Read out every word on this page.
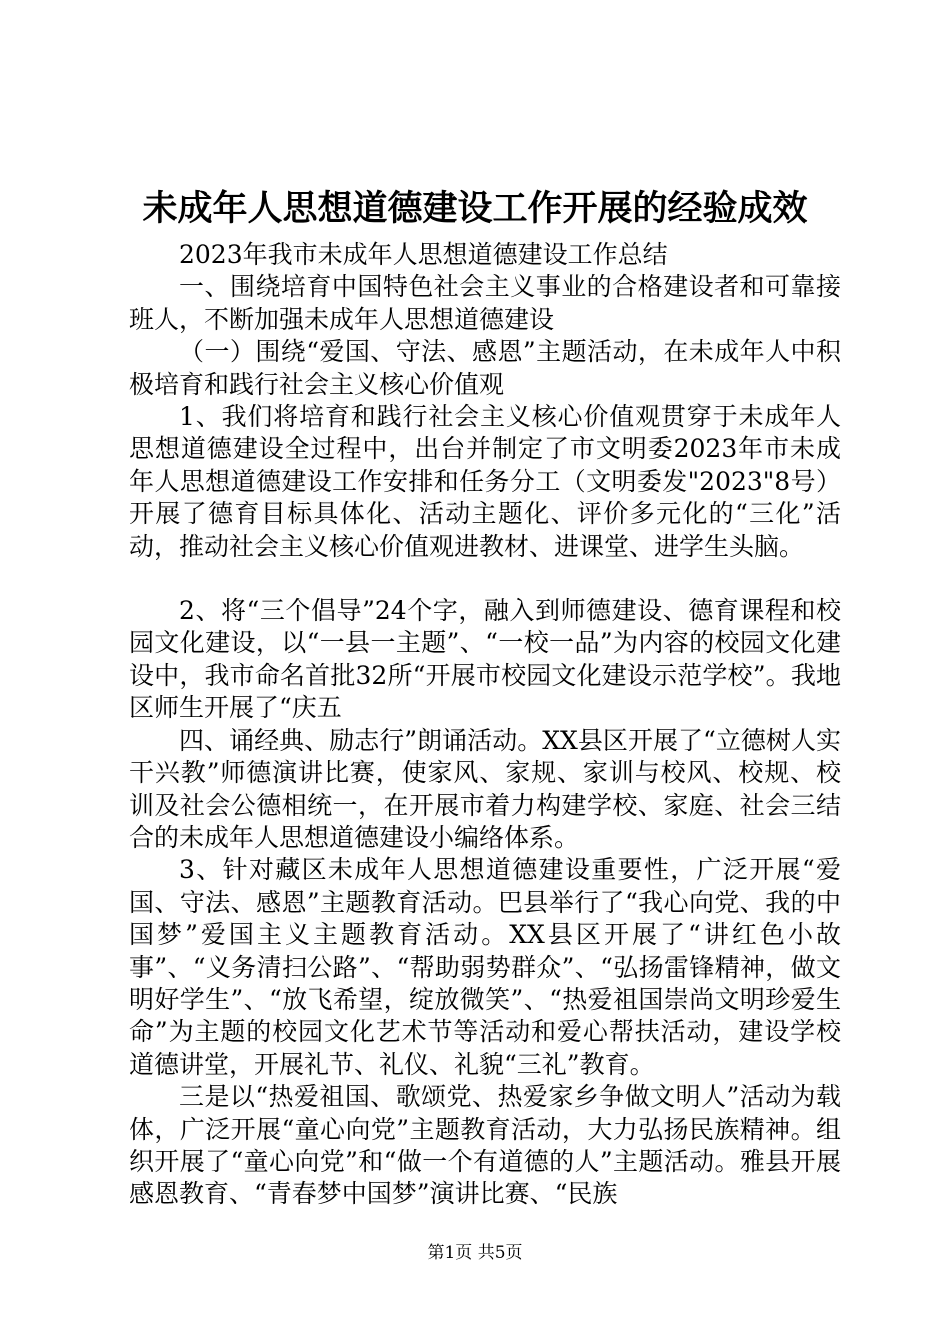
未成年人思想道德建设工作开展的经验成效

2023年我市未成年人思想道德建设工作总结

一、围绕培育中国特色社会主义事业的合格建设者和可靠接班人，不断加强未成年人思想道德建设

（一）围绕“爱国、守法、感恩”主题活动，在未成年人中积极培育和践行社会主义核心价值观

1、我们将培育和践行社会主义核心价值观贯穿于未成年人思想道德建设全过程中，出台并制定了市文明委2023年市未成年人思想道德建设工作安排和任务分工（文明委发"2023"8号）开展了德育目标具体化、活动主题化、评价多元化的“三化”活动，推动社会主义核心价值观进教材、进课堂、进学生头脑。

2、将“三个倡导”24个字，融入到师德建设、德育课程和校园文化建设，以“一县一主题”、“一校一品”为内容的校园文化建设中，我市命名首批32所“开展市校园文化建设示范学校”。我地区师生开展了“庆五

四、诵经典、励志行”朗诵活动。XX县区开展了“立德树人实干兴教”师德演讲比赛，使家风、家规、家训与校风、校规、校训及社会公德相统一，在开展市着力构建学校、家庭、社会三结合的未成年人思想道德建设小编络体系。

3、针对藏区未成年人思想道德建设重要性，广泛开展“爱国、守法、感恩”主题教育活动。巴县举行了“我心向党、我的中国梦”爱国主义主题教育活动。XX县区开展了“讲红色小故事”、“义务清扫公路”、“帮助弱势群众”、“弘扬雷锋精神，做文明好学生”、“放飞希望，绽放微笑”、“热爱祖国崇尚文明珍爱生命”为主题的校园文化艺术节等活动和爱心帮扶活动，建设学校道德讲堂，开展礼节、礼仪、礼貌“三礼”教育。

三是以“热爱祖国、歌颂党、热爱家乡争做文明人”活动为载体，广泛开展“童心向党”主题教育活动，大力弘扬民族精神。组织开展了“童心向党”和“做一个有道德的人”主题活动。雅县开展感恩教育、“青春梦中国梦”演讲比赛、“民族

第1页 共5页
